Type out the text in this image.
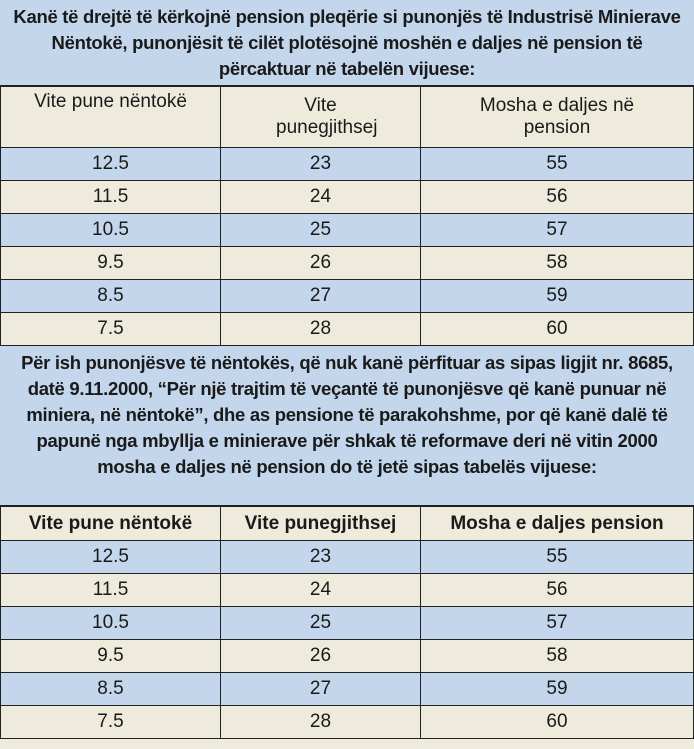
Kanë të drejtë të kërkojnë pension pleqërie si punonjës të Industrisë Minierave Nëntokë, punonjësit të cilët plotësojnë moshën e daljes në pension të përcaktuar në tabelën vijuese:
Vite pune nëntokë	Vite punegjithsej	Mosha e daljes në pension
12.5	23	55
11.5	24	56
10.5	25	57
9.5	26	58
8.5	27	59
7.5	28	60
Për ish punonjësve të nëntokës, që nuk kanë përfituar as sipas ligjit nr. 8685, datë 9.11.2000, “Për një trajtim të veçantë të punonjësve që kanë punuar në miniera, në nëntokë”, dhe as pensione të parakohshme, por që kanë dalë të papunë nga mbyllja e minierave për shkak të reformave deri në vitin 2000 mosha e daljes në pension do të jetë sipas tabelës vijuese:
Vite pune nëntokë	Vite punegjithsej	Mosha e daljes pension
12.5	23	55
11.5	24	56
10.5	25	57
9.5	26	58
8.5	27	59
7.5	28	60
